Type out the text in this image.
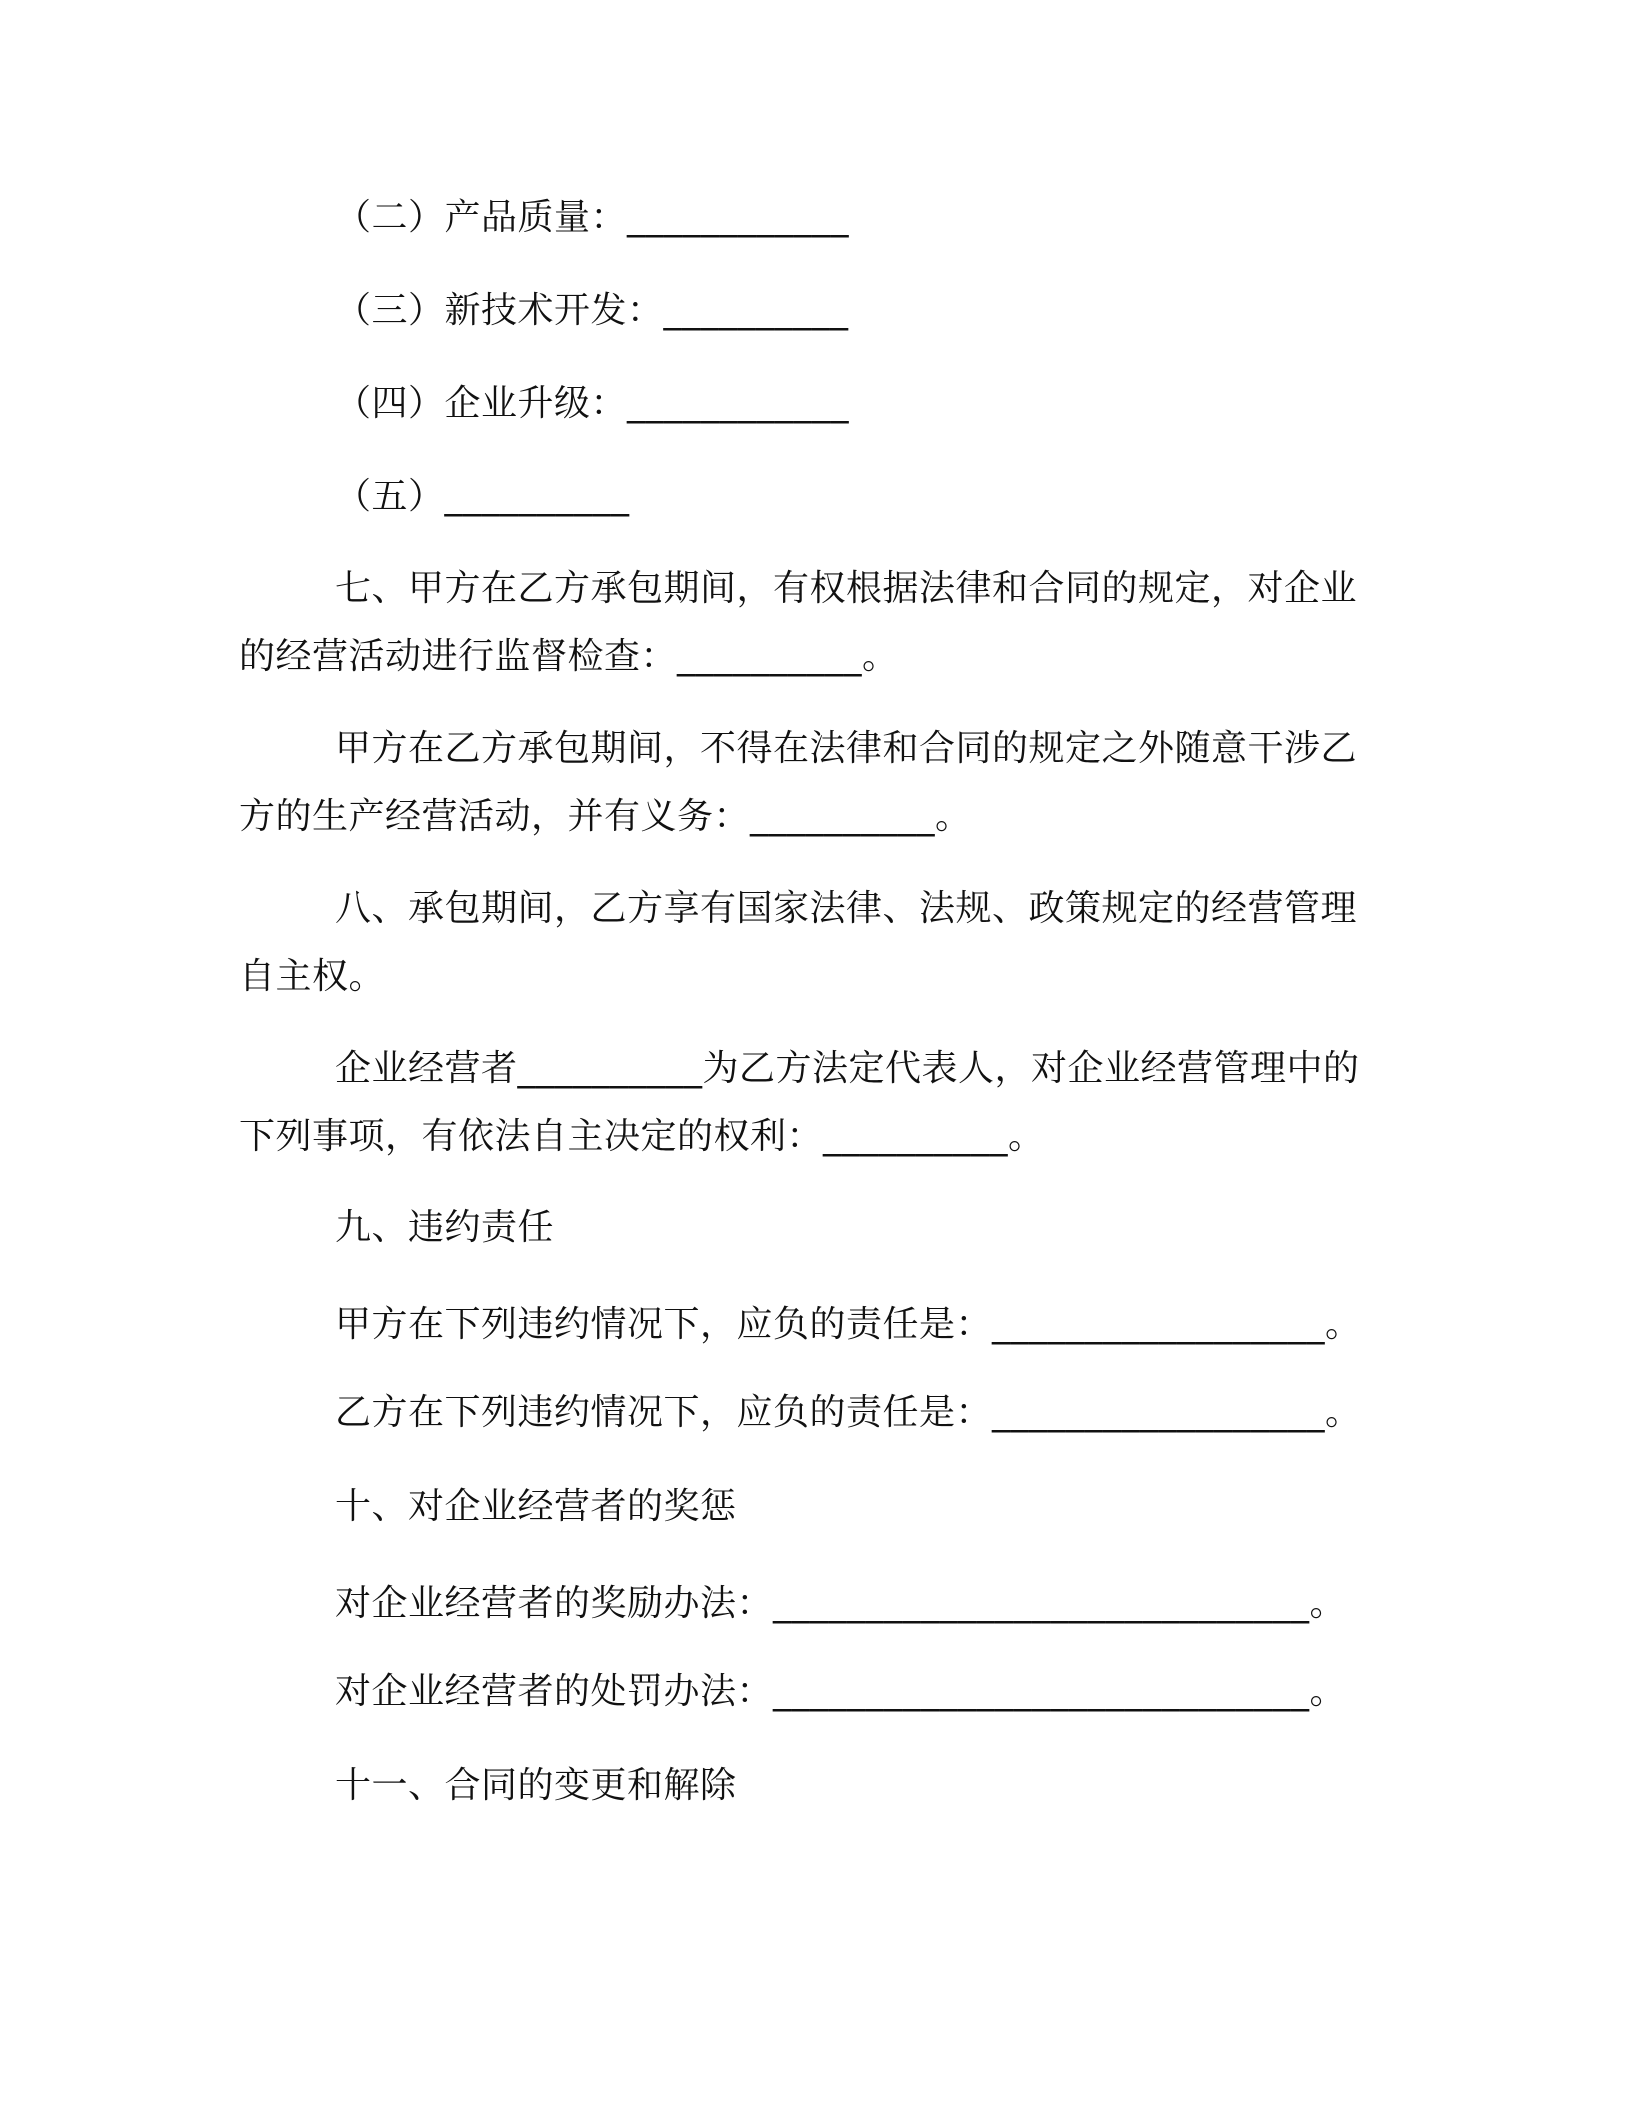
（二）产品质量：____________

（三）新技术开发：__________

（四）企业升级：____________

（五）__________

七、甲方在乙方承包期间，有权根据法律和合同的规定，对企业

的经营活动进行监督检查：__________。

甲方在乙方承包期间，不得在法律和合同的规定之外随意干涉乙

方的生产经营活动，并有义务：__________。

八、承包期间，乙方享有国家法律、法规、政策规定的经营管理

自主权。

企业经营者__________为乙方法定代表人，对企业经营管理中的

下列事项，有依法自主决定的权利：__________。

九、违约责任

甲方在下列违约情况下，应负的责任是：__________________。

乙方在下列违约情况下，应负的责任是：__________________。

十、对企业经营者的奖惩

对企业经营者的奖励办法：_____________________________。

对企业经营者的处罚办法：_____________________________。

十一、合同的变更和解除
